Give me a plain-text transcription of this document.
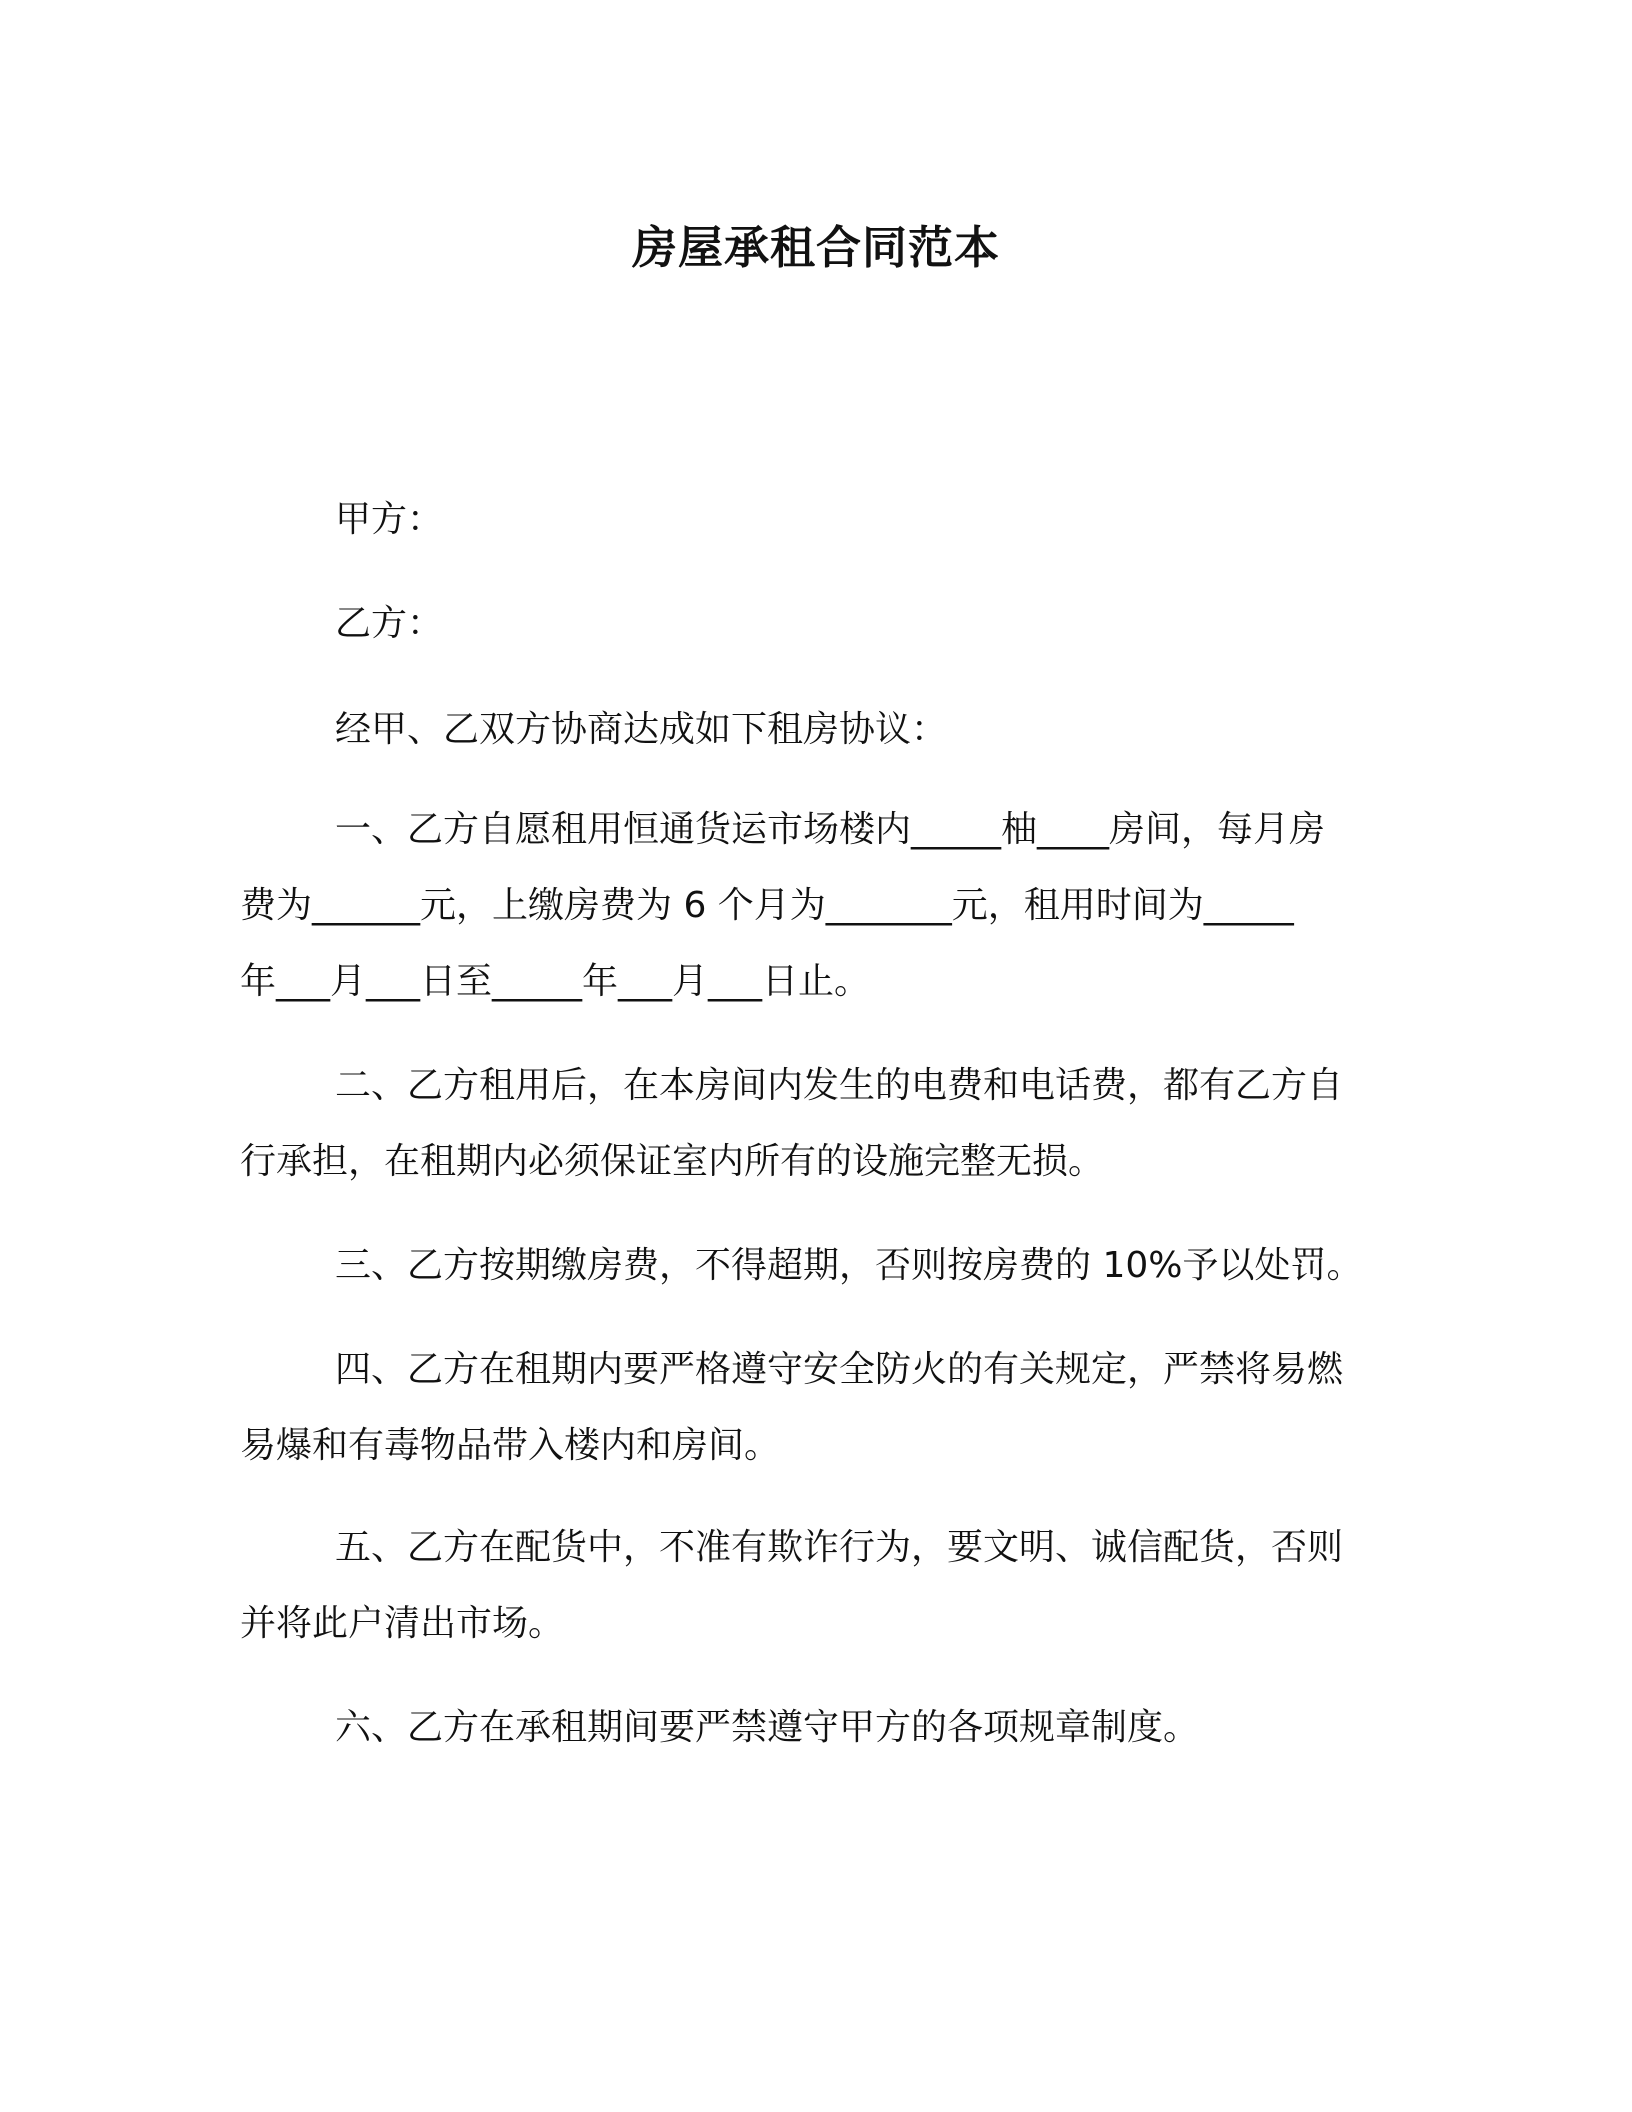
房屋承租合同范本

甲方：

乙方：

经甲、乙双方协商达成如下租房协议：

一、乙方自愿租用恒通货运市场楼内_____柚____房间，每月房

费为______元，上缴房费为 6 个月为_______元，租用时间为_____

年___月___日至_____年___月___日止。

二、乙方租用后，在本房间内发生的电费和电话费，都有乙方自

行承担，在租期内必须保证室内所有的设施完整无损。

三、乙方按期缴房费，不得超期，否则按房费的 10%予以处罚。

四、乙方在租期内要严格遵守安全防火的有关规定，严禁将易燃

易爆和有毒物品带入楼内和房间。

五、乙方在配货中，不准有欺诈行为，要文明、诚信配货，否则

并将此户清出市场。

六、乙方在承租期间要严禁遵守甲方的各项规章制度。
